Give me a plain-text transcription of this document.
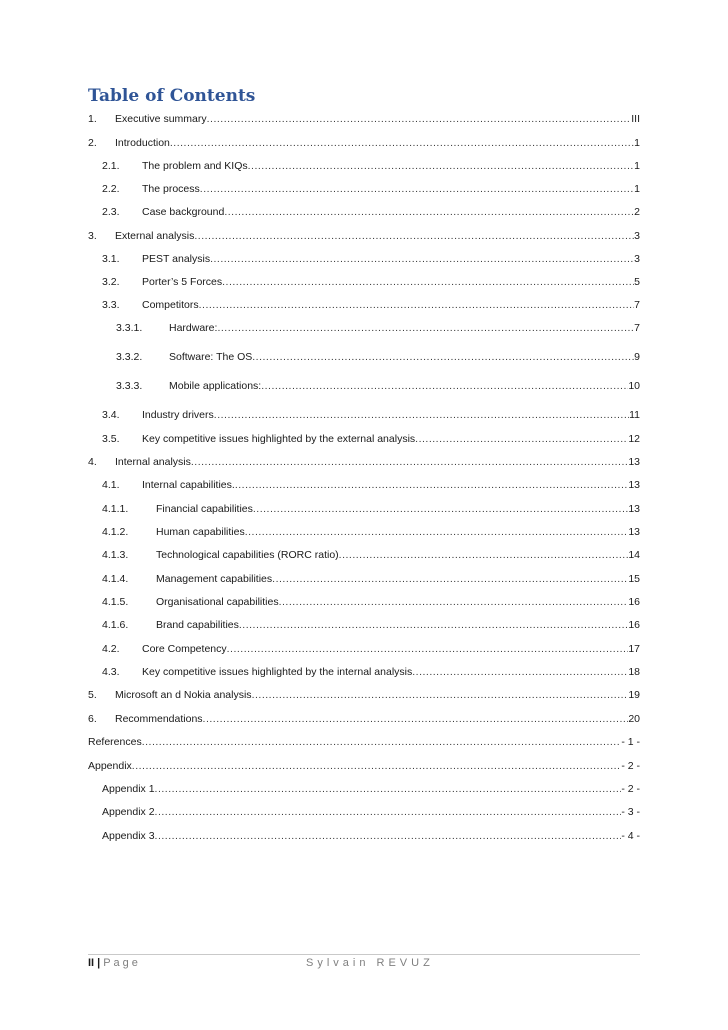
Table of Contents
1.	Executive summary .....	III
2.	Introduction .....	1
2.1.	The problem and KIQs .....	1
2.2.	The process .....	1
2.3.	Case background .....	2
3.	External analysis .....	3
3.1.	PEST analysis .....	3
3.2.	Porter’s 5 Forces .....	5
3.3.	Competitors .....	7
3.3.1.	Hardware: .....	7
3.3.2.	Software: The OS .....	9
3.3.3.	Mobile applications: .....	10
3.4.	Industry drivers .....	11
3.5.	Key competitive issues highlighted by the external analysis .....	12
4.	Internal analysis .....	13
4.1.	Internal capabilities. .....	13
4.1.1.	Financial capabilities .....	13
4.1.2.	Human capabilities .....	13
4.1.3.	Technological capabilities (RORC ratio) .....	14
4.1.4.	Management capabilities .....	15
4.1.5.	Organisational capabilities .....	16
4.1.6.	Brand capabilities .....	16
4.2.	Core Competency .....	17
4.3.	Key competitive issues highlighted by the internal analysis .....	18
5.	Microsoft an d Nokia analysis .....	19
6.	Recommendations .....	20
References .....	- 1 -
Appendix .....	- 2 -
Appendix 1 .....	- 2 -
Appendix 2 .....	- 3 -
Appendix 3 .....	- 4 -
II | Page	Sylvain REVUZ
